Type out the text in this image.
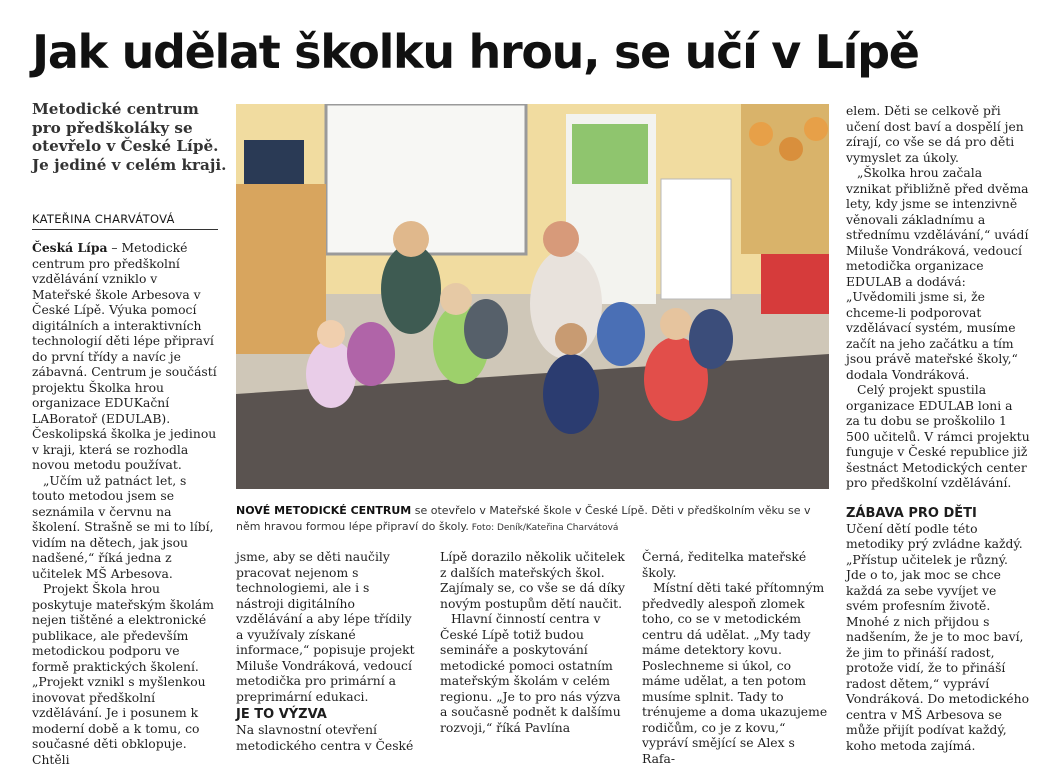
Jak udělat školku hrou, se učí v Lípě
Metodické centrum pro předškoláky se otevřelo v České Lípě. Je jediné v celém kraji.
KATEŘINA CHARVÁTOVÁ

Česká Lípa – Metodické centrum pro předškolní vzdělávání vzniklo v Mateřské škole Arbesova v České Lípě. Výuka pomocí digitálních a interaktivních technologií děti lépe připraví do první třídy a navíc je zábavná. Centrum je součástí projektu Školka hrou organizace EDUKační LABoratoř (EDULAB). Českolipská školka je jedinou v kraji, která se rozhodla novou metodu používat.

„Učím už patnáct let, s touto metodou jsem se seznámila v červnu na školení. Strašně se mi to líbí, vidím na dětech, jak jsou nadšené,“ říká jedna z učitelek MŠ Arbesova.

Projekt Škola hrou poskytuje mateřským školám nejen tištěné a elektronické publikace, ale především metodickou podporu ve formě praktických školení. „Projekt vznikl s myšlenkou inovovat předškolní vzdělávání. Je i posunem k moderní době a k tomu, co současné děti obklopuje. Chtěli

NOVÉ METODICKÉ CENTRUM se otevřelo v Mateřské škole v České Lípě. Děti v předškolním věku se v něm hravou formou lépe připraví do školy. Foto: Deník/Kateřina Charvátová

jsme, aby se děti naučily pracovat nejenom s technologiemi, ale i s nástroji digitálního vzdělávání a aby lépe třídily a využívaly získané informace,“ popisuje projekt Miluše Vondráková, vedoucí metodička pro primární a preprimární edukaci.

JE TO VÝZVA

Na slavnostní otevření metodického centra v České

Lípě dorazilo několik učitelek z dalších mateřských škol. Zajímaly se, co vše se dá díky novým postupům dětí naučit.

Hlavní činností centra v České Lípě totiž budou semináře a poskytování metodické pomoci ostatním mateřským školám v celém regionu. „Je to pro nás výzva a současně podnět k dalšímu rozvoji,“ říká Pavlína

Černá, ředitelka mateřské školy.

Místní děti také přítomným předvedly alespoň zlomek toho, co se v metodickém centru dá udělat. „My tady máme detektory kovu. Poslechneme si úkol, co máme udělat, a ten potom musíme splnit. Tady to trénujeme a doma ukazujeme rodičům, co je z kovu,“ vypráví smějící se Alex s Rafa-

elem. Děti se celkově při učení dost baví a dospělí jen zírají, co vše se dá pro děti vymyslet za úkoly.

„Školka hrou začala vznikat přibližně před dvěma lety, kdy jsme se intenzivně věnovali základnímu a střednímu vzdělávání,“ uvádí Miluše Vondráková, vedoucí metodička organizace EDULAB a dodává: „Uvědomili jsme si, že chceme-li podporovat vzdělávací systém, musíme začít na jeho začátku a tím jsou právě mateřské školy,“ dodala Vondráková.

Celý projekt spustila organizace EDULAB loni a za tu dobu se proškolilo 1 500 učitelů. V rámci projektu funguje v České republice již šestnáct Metodických center pro předškolní vzdělávání.

ZÁBAVA PRO DĚTI

Učení dětí podle této metodiky prý zvládne každý. „Přístup učitelek je různý. Jde o to, jak moc se chce každá za sebe vyvíjet ve svém profesním životě. Mnohé z nich přijdou s nadšením, že je to moc baví, že jim to přináší radost, protože vidí, že to přináší radost dětem,“ vypráví Vondráková. Do metodického centra v MŠ Arbesova se může přijít podívat každý, koho metoda zajímá.
